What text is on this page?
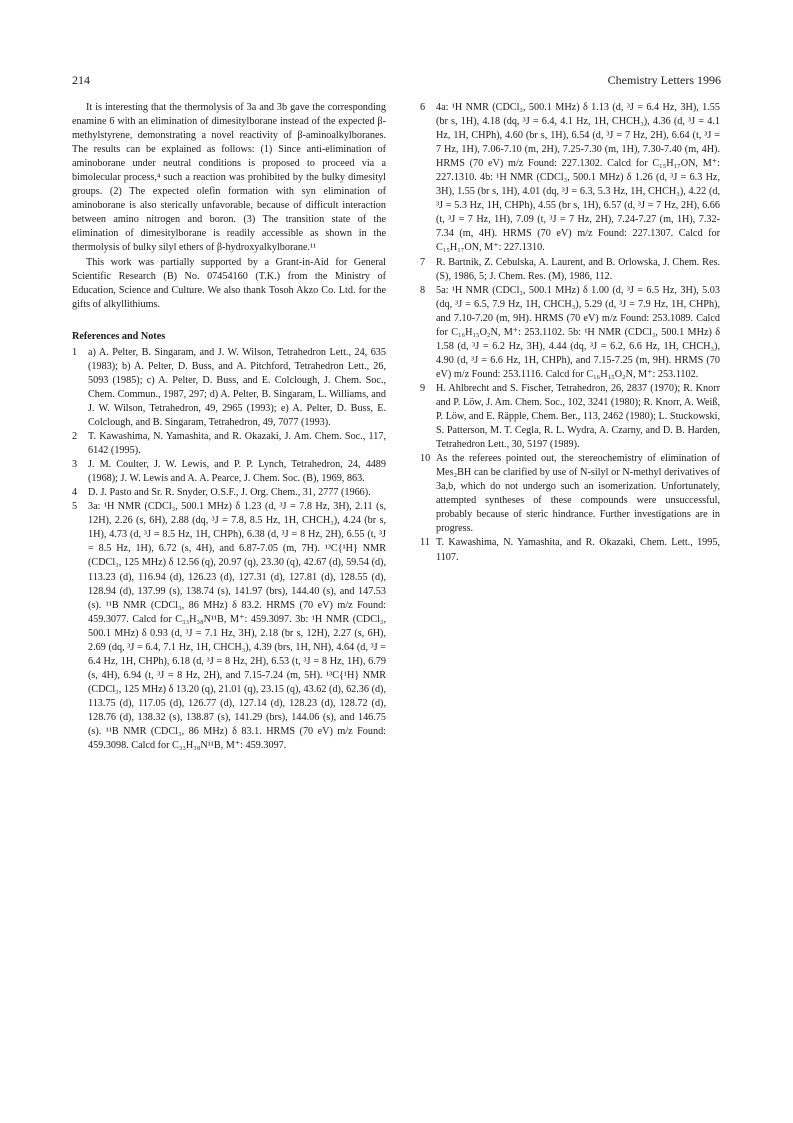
214	Chemistry Letters 1996

It is interesting that the thermolysis of 3a and 3b gave the corresponding enamine 6 with an elimination of dimesitylborane instead of the expected β-methylstyrene, demonstrating a novel reactivity of β-aminoalkylboranes. The results can be explained as follows: (1) Since anti-elimination of aminoborane under neutral conditions is proposed to proceed via a bimolecular process,⁴ such a reaction was prohibited by the bulky dimesityl groups. (2) The expected olefin formation with syn elimination of aminoborane is also sterically unfavorable, because of difficult interaction between amino nitrogen and boron. (3) The transition state of the elimination of dimesitylborane is readily accessible as shown in the thermolysis of bulky silyl ethers of β-hydroxyalkylborane.¹¹

This work was partially supported by a Grant-in-Aid for General Scientific Research (B) No. 07454160 (T.K.) from the Ministry of Education, Science and Culture. We also thank Tosoh Akzo Co. Ltd. for the gifts of alkyllithiums.

References and Notes
1	a) A. Pelter, B. Singaram, and J. W. Wilson, Tetrahedron Lett., 24, 635 (1983); b) A. Pelter, D. Buss, and A. Pitchford, Tetrahedron Lett., 26, 5093 (1985); c) A. Pelter, D. Buss, and E. Colclough, J. Chem. Soc., Chem. Commun., 1987, 297; d) A. Pelter, B. Singaram, L. Williams, and J. W. Wilson, Tetrahedron, 49, 2965 (1993); e) A. Pelter, D. Buss, E. Colclough, and B. Singaram, Tetrahedron, 49, 7077 (1993).
2	T. Kawashima, N. Yamashita, and R. Okazaki, J. Am. Chem. Soc., 117, 6142 (1995).
3	J. M. Coulter, J. W. Lewis, and P. P. Lynch, Tetrahedron, 24, 4489 (1968); J. W. Lewis and A. A. Pearce, J. Chem. Soc. (B), 1969, 863.
4	D. J. Pasto and Sr. R. Snyder, O.S.F., J. Org. Chem., 31, 2777 (1966).
5	3a: ¹H NMR (CDCl₃, 500.1 MHz) δ 1.23 (d, ³J = 7.8 Hz, 3H), 2.11 (s, 12H), 2.26 (s, 6H), 2.88 (dq, ³J = 7.8, 8.5 Hz, 1H, CHCH₃), 4.24 (br s, 1H), 4.73 (d, ³J = 8.5 Hz, 1H, CHPh), 6.38 (d, ³J = 8 Hz, 2H), 6.55 (t, ³J = 8.5 Hz, 1H), 6.72 (s, 4H), and 6.87-7.05 (m, 7H). ¹³C{¹H} NMR (CDCl₃, 125 MHz) δ 12.56 (q), 20.97 (q), 23.30 (q), 42.67 (d), 59.54 (d), 113.23 (d), 116.94 (d), 126.23 (d), 127.31 (d), 127.81 (d), 128.55 (d), 128.94 (d), 137.99 (s), 138.74 (s), 141.97 (brs), 144.40 (s), and 147.53 (s). ¹¹B NMR (CDCl₃, 86 MHz) δ 83.2. HRMS (70 eV) m/z Found: 459.3077. Calcd for C₃₃H₃₈N¹¹B, M⁺: 459.3097. 3b: ¹H NMR (CDCl₃, 500.1 MHz) δ 0.93 (d, ³J = 7.1 Hz, 3H), 2.18 (br s, 12H), 2.27 (s, 6H), 2.69 (dq, ³J = 6.4, 7.1 Hz, 1H, CHCH₃), 4.39 (brs, 1H, NH), 4.64 (d, ³J = 6.4 Hz, 1H, CHPh), 6.18 (d, ³J = 8 Hz, 2H), 6.53 (t, ³J = 8 Hz, 1H), 6.79 (s, 4H), 6.94 (t, ³J = 8 Hz, 2H), and 7.15-7.24 (m, 5H). ¹³C{¹H} NMR (CDCl₃, 125 MHz) δ 13.20 (q), 21.01 (q), 23.15 (q), 43.62 (d), 62.36 (d), 113.75 (d), 117.05 (d), 126.77 (d), 127.14 (d), 128.23 (d), 128.72 (d), 128.76 (d), 138.32 (s), 138.87 (s), 141.29 (brs), 144.06 (s), and 146.75 (s). ¹¹B NMR (CDCl₃, 86 MHz) δ 83.1. HRMS (70 eV) m/z Found: 459.3098. Calcd for C₃₃H₃₈N¹¹B, M⁺: 459.3097.
6	4a: ¹H NMR (CDCl₃, 500.1 MHz) δ 1.13 (d, ³J = 6.4 Hz, 3H), 1.55 (br s, 1H), 4.18 (dq, ³J = 6.4, 4.1 Hz, 1H, CHCH₃), 4.36 (d, ³J = 4.1 Hz, 1H, CHPh), 4.60 (br s, 1H), 6.54 (d, ³J = 7 Hz, 2H), 6.64 (t, ³J = 7 Hz, 1H), 7.06-7.10 (m, 2H), 7.25-7.30 (m, 1H), 7.30-7.40 (m, 4H). HRMS (70 eV) m/z Found: 227.1302. Calcd for C₁₅H₁₇ON, M⁺: 227.1310. 4b: ¹H NMR (CDCl₃, 500.1 MHz) δ 1.26 (d, ³J = 6.3 Hz, 3H), 1.55 (br s, 1H), 4.01 (dq, ³J = 6.3, 5.3 Hz, 1H, CHCH₃), 4.22 (d, ³J = 5.3 Hz, 1H, CHPh), 4.55 (br s, 1H), 6.57 (d, ³J = 7 Hz, 2H), 6.66 (t, ³J = 7 Hz, 1H), 7.09 (t, ³J = 7 Hz, 2H), 7.24-7.27 (m, 1H), 7.32-7.34 (m, 4H). HRMS (70 eV) m/z Found: 227.1307. Calcd for C₁₅H₁₇ON, M⁺: 227.1310.
7	R. Bartnik, Z. Cebulska, A. Laurent, and B. Orlowska, J. Chem. Res. (S), 1986, 5; J. Chem. Res. (M), 1986, 112.
8	5a: ¹H NMR (CDCl₃, 500.1 MHz) δ 1.00 (d, ³J = 6.5 Hz, 3H), 5.03 (dq, ³J = 6.5, 7.9 Hz, 1H, CHCH₃), 5.29 (d, ³J = 7.9 Hz, 1H, CHPh), and 7.10-7.20 (m, 9H). HRMS (70 eV) m/z Found: 253.1089. Calcd for C₁₆H₁₅O₂N, M⁺: 253.1102. 5b: ¹H NMR (CDCl₃, 500.1 MHz) δ 1.58 (d, ³J = 6.2 Hz, 3H), 4.44 (dq, ³J = 6.2, 6.6 Hz, 1H, CHCH₃), 4.90 (d, ³J = 6.6 Hz, 1H, CHPh), and 7.15-7.25 (m, 9H). HRMS (70 eV) m/z Found: 253.1116. Calcd for C₁₆H₁₅O₂N, M⁺: 253.1102.
9	H. Ahlbrecht and S. Fischer, Tetrahedron, 26, 2837 (1970); R. Knorr and P. Löw, J. Am. Chem. Soc., 102, 3241 (1980); R. Knorr, A. Weiß, P. Löw, and E. Räpple, Chem. Ber., 113, 2462 (1980); L. Stuckowski, S. Patterson, M. T. Cegla, R. L. Wydra, A. Czarny, and D. B. Harden, Tetrahedron Lett., 30, 5197 (1989).
10 As the referees pointed out, the stereochemistry of elimination of Mes₂BH can be clarified by use of N-silyl or N-methyl derivatives of 3a,b, which do not undergo such an isomerization. Unfortunately, attempted syntheses of these compounds were unsuccessful, probably because of steric hindrance. Further investigations are in progress.
11 T. Kawashima, N. Yamashita, and R. Okazaki, Chem. Lett., 1995, 1107.
